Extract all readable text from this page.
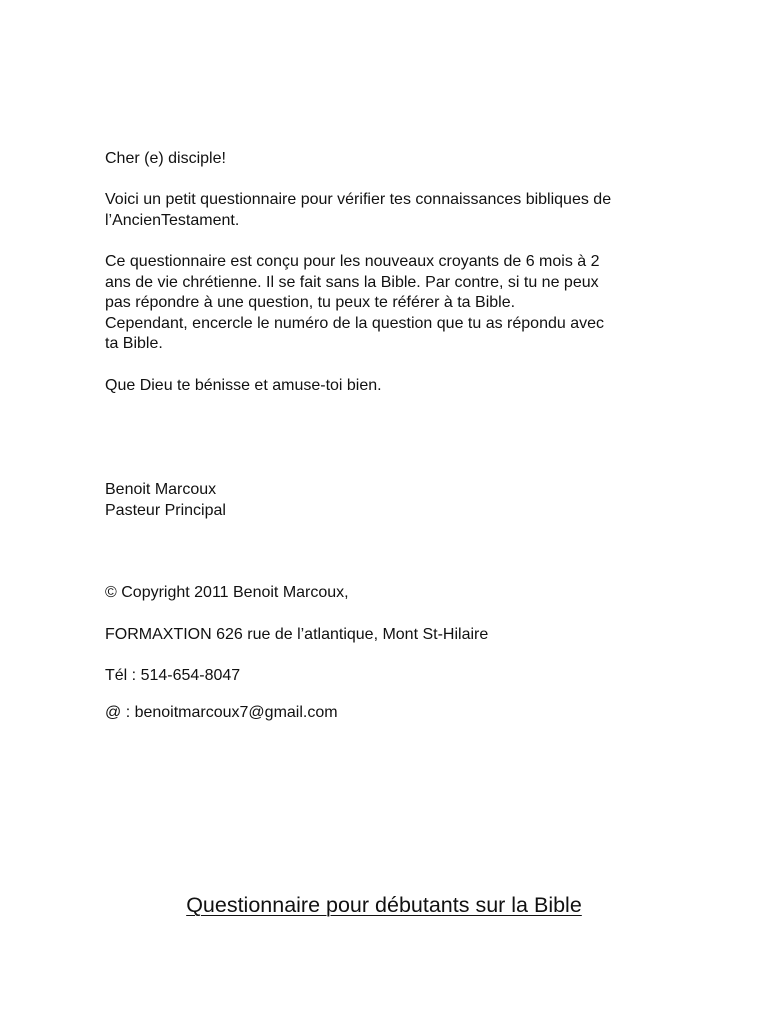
Cher (e) disciple!

Voici un petit questionnaire pour vérifier tes connaissances bibliques de
l’AncienTestament.

Ce questionnaire est conçu pour les nouveaux croyants de 6 mois à 2
ans de vie chrétienne. Il se fait sans la Bible. Par contre, si tu ne peux
pas répondre à une question, tu peux te référer à ta Bible.
Cependant, encercle le numéro de la question que tu as répondu avec
ta Bible.

Que Dieu te bénisse et amuse-toi bien.

Benoit Marcoux
Pasteur Principal

© Copyright 2011 Benoit Marcoux,

FORMAXTION 626 rue de l’atlantique, Mont St-Hilaire

Tél : 514-654-8047

@ : benoitmarcoux7@gmail.com

Questionnaire pour débutants sur la Bible
